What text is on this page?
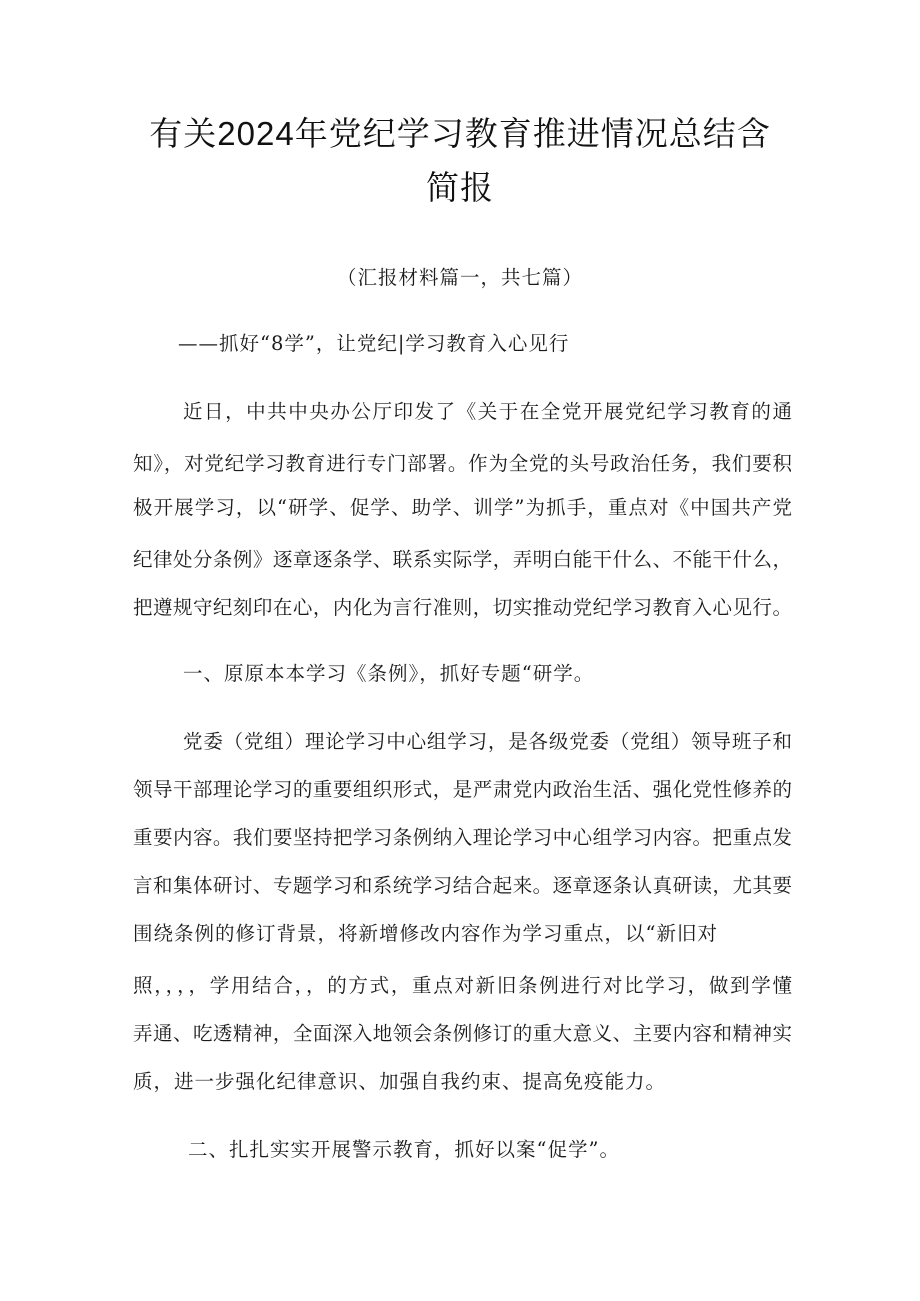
有关2024年党纪学习教育推进情况总结含
简报

（汇报材料篇一，共七篇）

——抓好“8学”，让党纪|学习教育入心见行

近日，中共中央办公厅印发了《关于在全党开展党纪学习教育的通

知》，对党纪学习教育进行专门部署。作为全党的头号政治任务，我们要积

极开展学习，以“研学、促学、助学、训学”为抓手，重点对《中国共产党

纪律处分条例》逐章逐条学、联系实际学，弄明白能干什么、不能干什么，

把遵规守纪刻印在心，内化为言行准则，切实推动党纪学习教育入心见行。

一、原原本本学习《条例》，抓好专题“研学。

党委（党组）理论学习中心组学习，是各级党委（党组）领导班子和

领导干部理论学习的重要组织形式，是严肃党内政治生活、强化党性修养的

重要内容。我们要坚持把学习条例纳入理论学习中心组学习内容。把重点发

言和集体研讨、专题学习和系统学习结合起来。逐章逐条认真研读，尤其要

围绕条例的修订背景，将新增修改内容作为学习重点，以“新旧对

照，，，，学用结合，，的方式，重点对新旧条例进行对比学习，做到学懂

弄通、吃透精神，全面深入地领会条例修订的重大意义、主要内容和精神实

质，进一步强化纪律意识、加强自我约束、提高免疫能力。

二、扎扎实实开展警示教育，抓好以案“促学”。
